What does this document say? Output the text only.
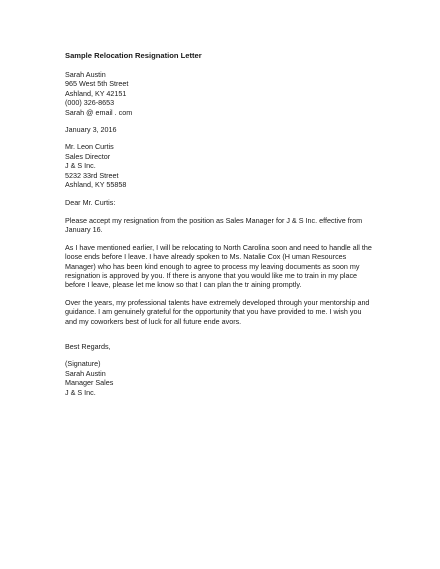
Sample Relocation Resignation Letter
Sarah Austin
965 West 5th Street
Ashland, KY 42151
(000) 326-8653
Sarah @ email . com
January 3, 2016
Mr. Leon Curtis
Sales Director
J & S Inc.
5232 33rd Street
Ashland, KY 55858
Dear Mr. Curtis:

Please accept my resignation from the position as Sales Manager for J & S Inc. effective from January 16.

As I have mentioned earlier, I will be relocating to North Carolina soon and need to handle all the loose ends before I leave. I have already spoken to Ms. Natalie Cox (H uman Resources Manager) who has been kind enough to agree to process my leaving documents as soon my resignation is approved by you. If there is anyone that you would like me to train in my place before I leave, please let me know so that I can plan the tr aining promptly.

Over the years, my professional talents have extremely developed through your mentorship and guidance. I am genuinely grateful for the opportunity that you have provided to me. I wish you and my coworkers best of luck for all future ende avors.

Best Regards,
(Signature)
Sarah Austin
Manager Sales
J & S Inc.
